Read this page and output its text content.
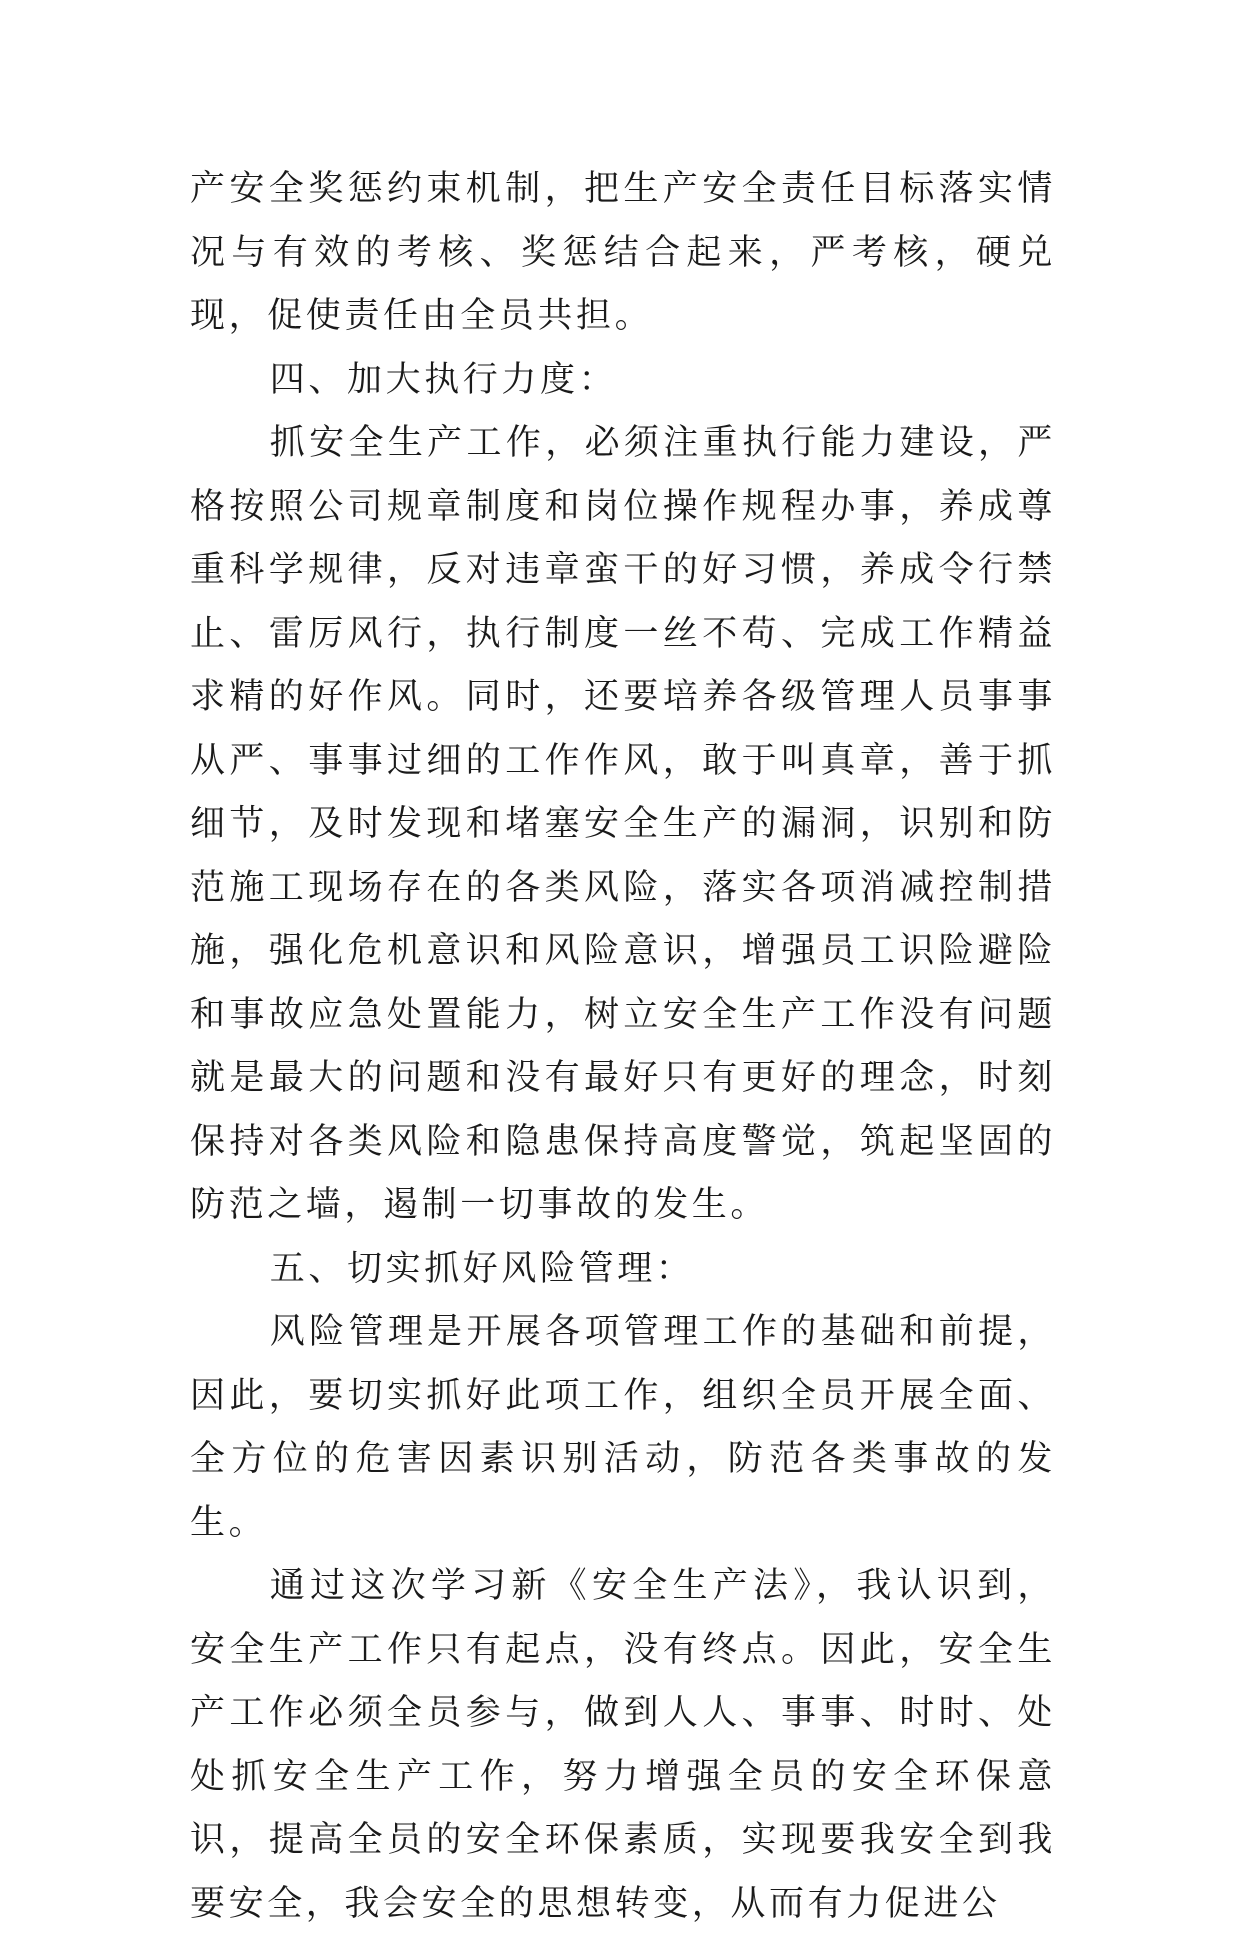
产安全奖惩约束机制，把生产安全责任目标落实情况与有效的考核、奖惩结合起来，严考核，硬兑现，促使责任由全员共担。

四、加大执行力度：

抓安全生产工作，必须注重执行能力建设，严格按照公司规章制度和岗位操作规程办事，养成尊重科学规律，反对违章蛮干的好习惯，养成令行禁止、雷厉风行，执行制度一丝不苟、完成工作精益求精的好作风。同时，还要培养各级管理人员事事从严、事事过细的工作作风，敢于叫真章，善于抓细节，及时发现和堵塞安全生产的漏洞，识别和防范施工现场存在的各类风险，落实各项消减控制措施，强化危机意识和风险意识，增强员工识险避险和事故应急处置能力，树立安全生产工作没有问题就是最大的问题和没有最好只有更好的理念，时刻保持对各类风险和隐患保持高度警觉，筑起坚固的防范之墙，遏制一切事故的发生。

五、切实抓好风险管理：

风险管理是开展各项管理工作的基础和前提，因此，要切实抓好此项工作，组织全员开展全面、全方位的危害因素识别活动，防范各类事故的发生。

通过这次学习新《安全生产法》，我认识到，安全生产工作只有起点，没有终点。因此，安全生产工作必须全员参与，做到人人、事事、时时、处处抓安全生产工作，努力增强全员的安全环保意识，提高全员的安全环保素质，实现要我安全到我要安全，我会安全的思想转变，从而有力促进公
